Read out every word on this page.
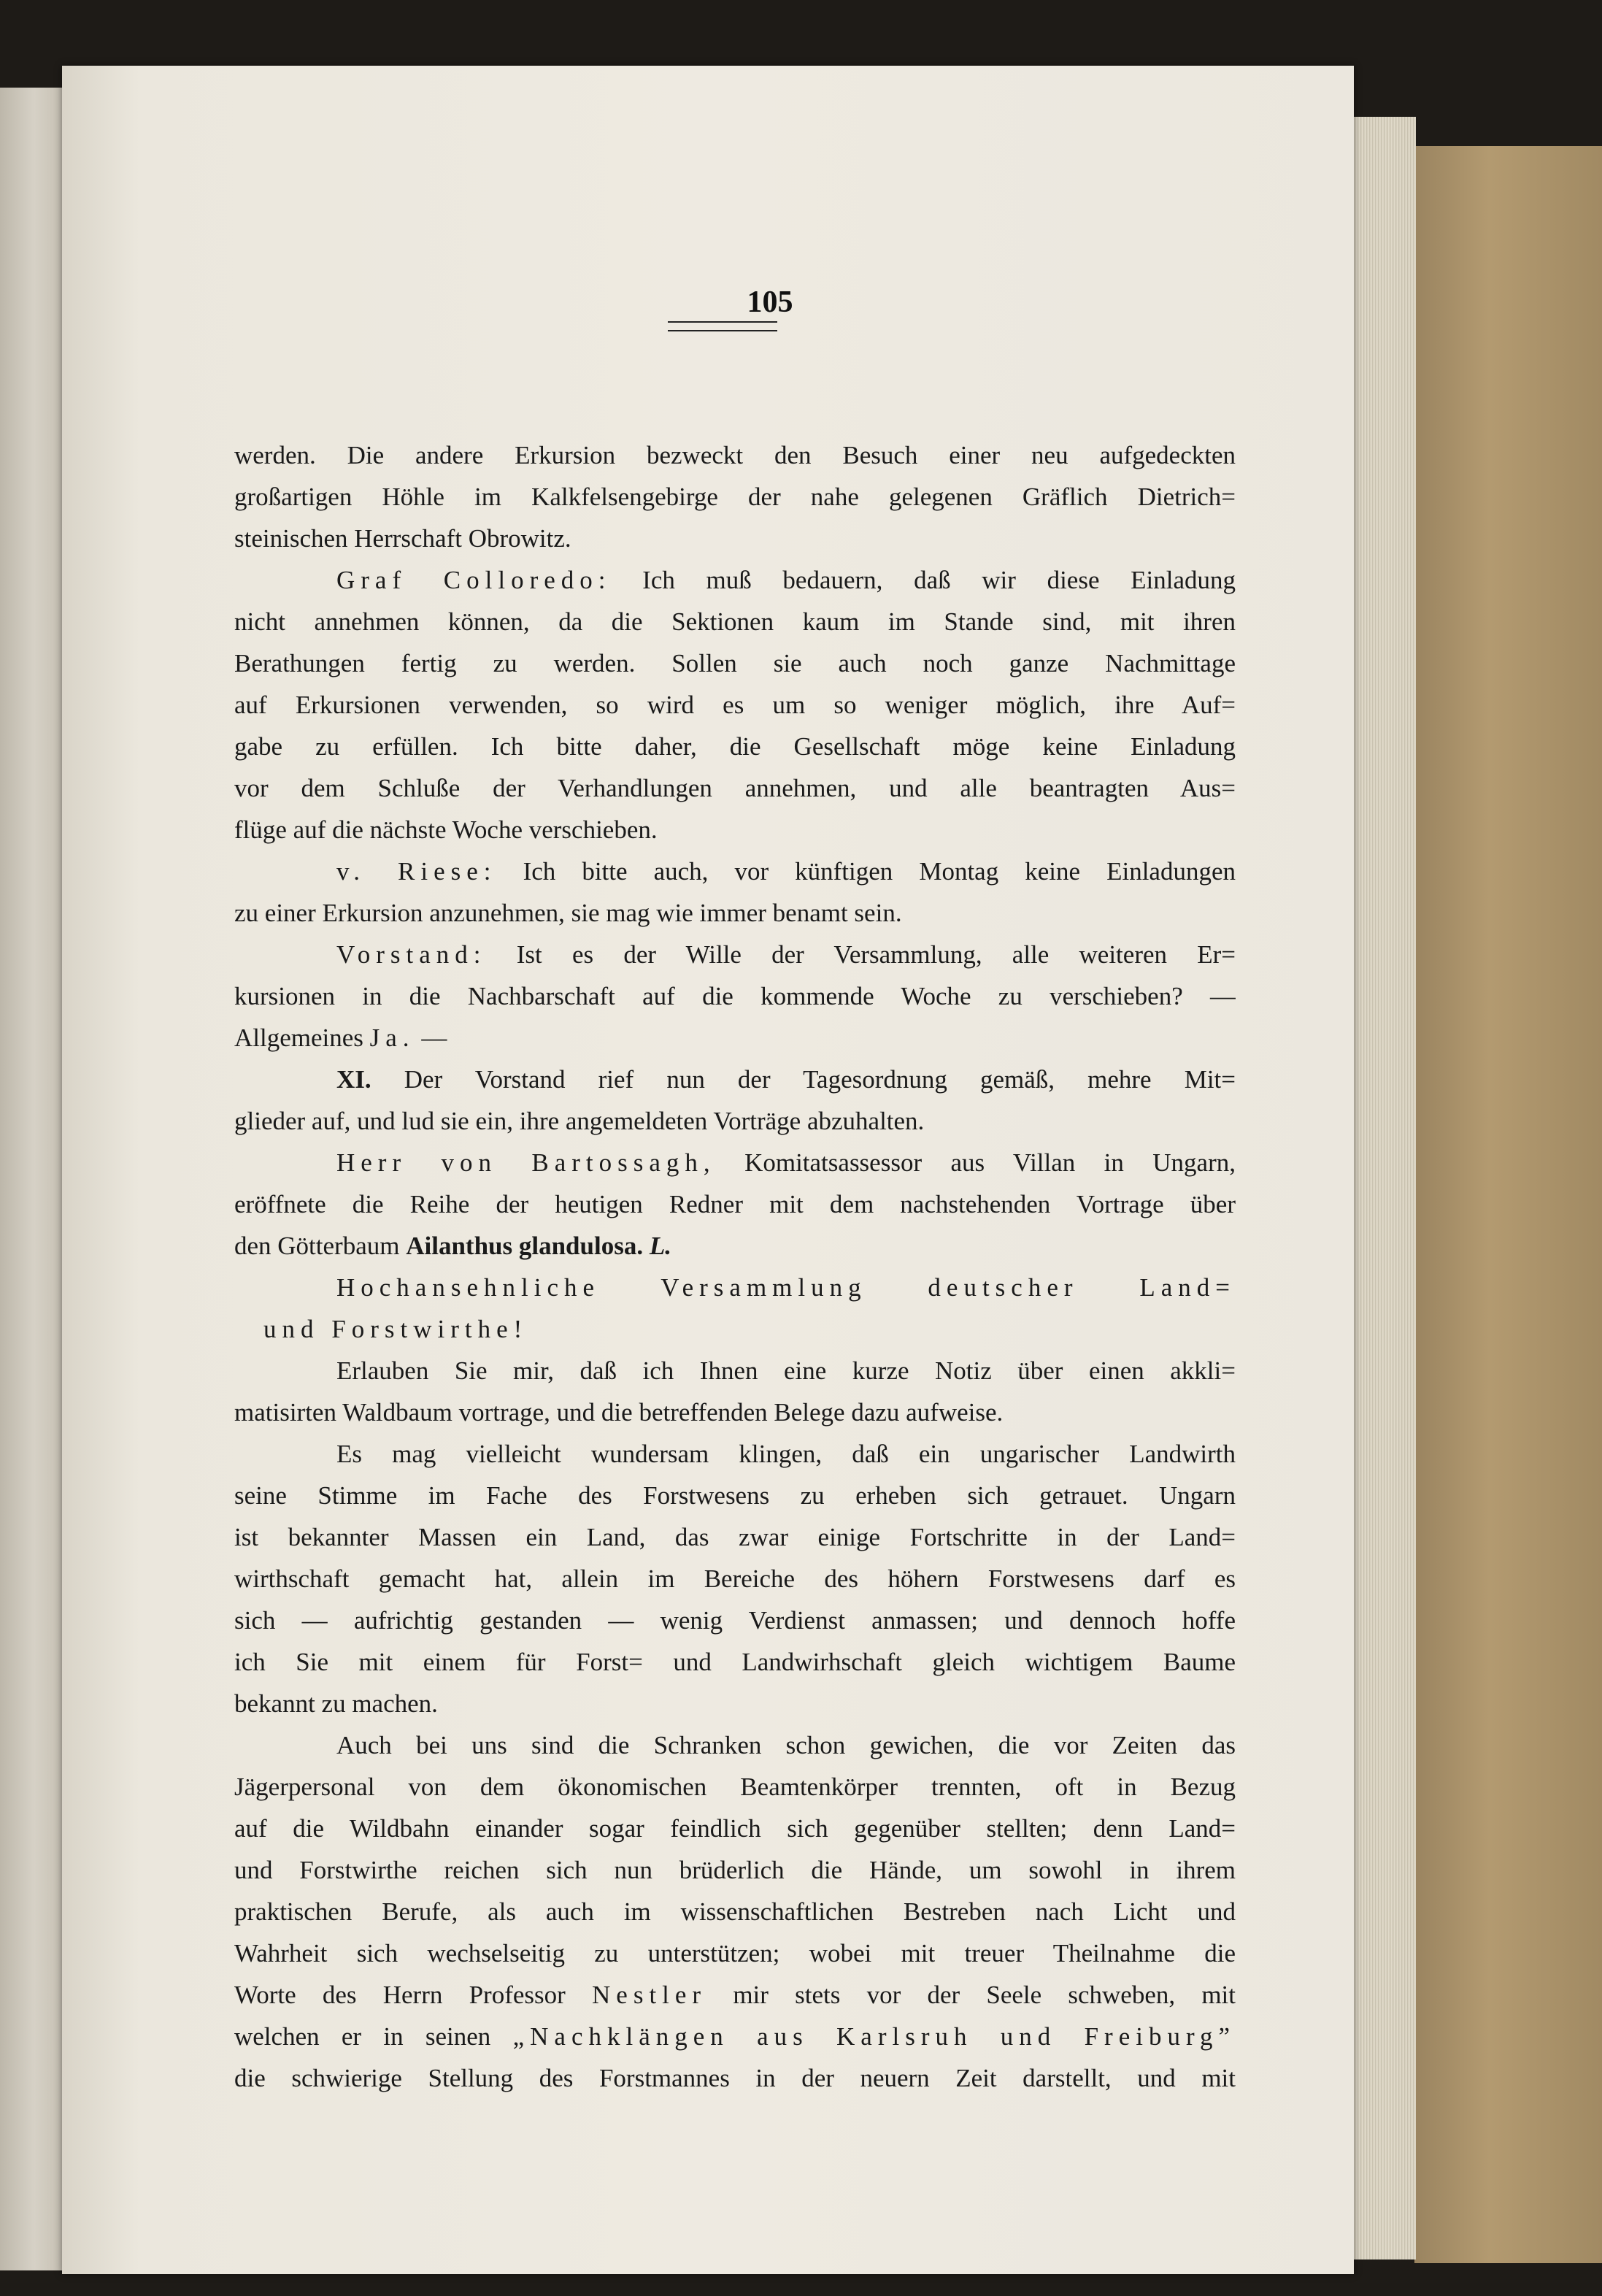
105
werden. Die andere Erkursion bezweckt den Besuch einer neu aufgedeckten
großartigen Höhle im Kalkfelsengebirge der nahe gelegenen Gräflich Dietrich=
steinischen Herrschaft Obrowitz.
Graf Colloredo: Ich muß bedauern, daß wir diese Einladung
nicht annehmen können, da die Sektionen kaum im Stande sind, mit ihren
Berathungen fertig zu werden. Sollen sie auch noch ganze Nachmittage
auf Erkursionen verwenden, so wird es um so weniger möglich, ihre Auf=
gabe zu erfüllen. Ich bitte daher, die Gesellschaft möge keine Einladung
vor dem Schluße der Verhandlungen annehmen, und alle beantragten Aus=
flüge auf die nächste Woche verschieben.
v. Riese: Ich bitte auch, vor künftigen Montag keine Einladungen
zu einer Erkursion anzunehmen, sie mag wie immer benamt sein.
Vorstand: Ist es der Wille der Versammlung, alle weiteren Er=
kursionen in die Nachbarschaft auf die kommende Woche zu verschieben? —
Allgemeines Ja. —
XI. Der Vorstand rief nun der Tagesordnung gemäß, mehre Mit=
glieder auf, und lud sie ein, ihre angemeldeten Vorträge abzuhalten.
Herr von Bartossagh, Komitatsassessor aus Villan in Ungarn,
eröffnete die Reihe der heutigen Redner mit dem nachstehenden Vortrage über
den Götterbaum Ailanthus glandulosa. L.
Hochansehnliche Versammlung deutscher Land=
und Forstwirthe!
Erlauben Sie mir, daß ich Ihnen eine kurze Notiz über einen akkli=
matisirten Waldbaum vortrage, und die betreffenden Belege dazu aufweise.
Es mag vielleicht wundersam klingen, daß ein ungarischer Landwirth
seine Stimme im Fache des Forstwesens zu erheben sich getrauet. Ungarn
ist bekannter Massen ein Land, das zwar einige Fortschritte in der Land=
wirthschaft gemacht hat, allein im Bereiche des höhern Forstwesens darf es
sich — aufrichtig gestanden — wenig Verdienst anmassen; und dennoch hoffe
ich Sie mit einem für Forst= und Landwirhschaft gleich wichtigem Baume
bekannt zu machen.
Auch bei uns sind die Schranken schon gewichen, die vor Zeiten das
Jägerpersonal von dem ökonomischen Beamtenkörper trennten, oft in Bezug
auf die Wildbahn einander sogar feindlich sich gegenüber stellten; denn Land=
und Forstwirthe reichen sich nun brüderlich die Hände, um sowohl in ihrem
praktischen Berufe, als auch im wissenschaftlichen Bestreben nach Licht und
Wahrheit sich wechselseitig zu unterstützen; wobei mit treuer Theilnahme die
Worte des Herrn Professor Nestler mir stets vor der Seele schweben, mit
welchen er in seinen „Nachklängen aus Karlsruh und Freiburg”
die schwierige Stellung des Forstmannes in der neuern Zeit darstellt, und mit
